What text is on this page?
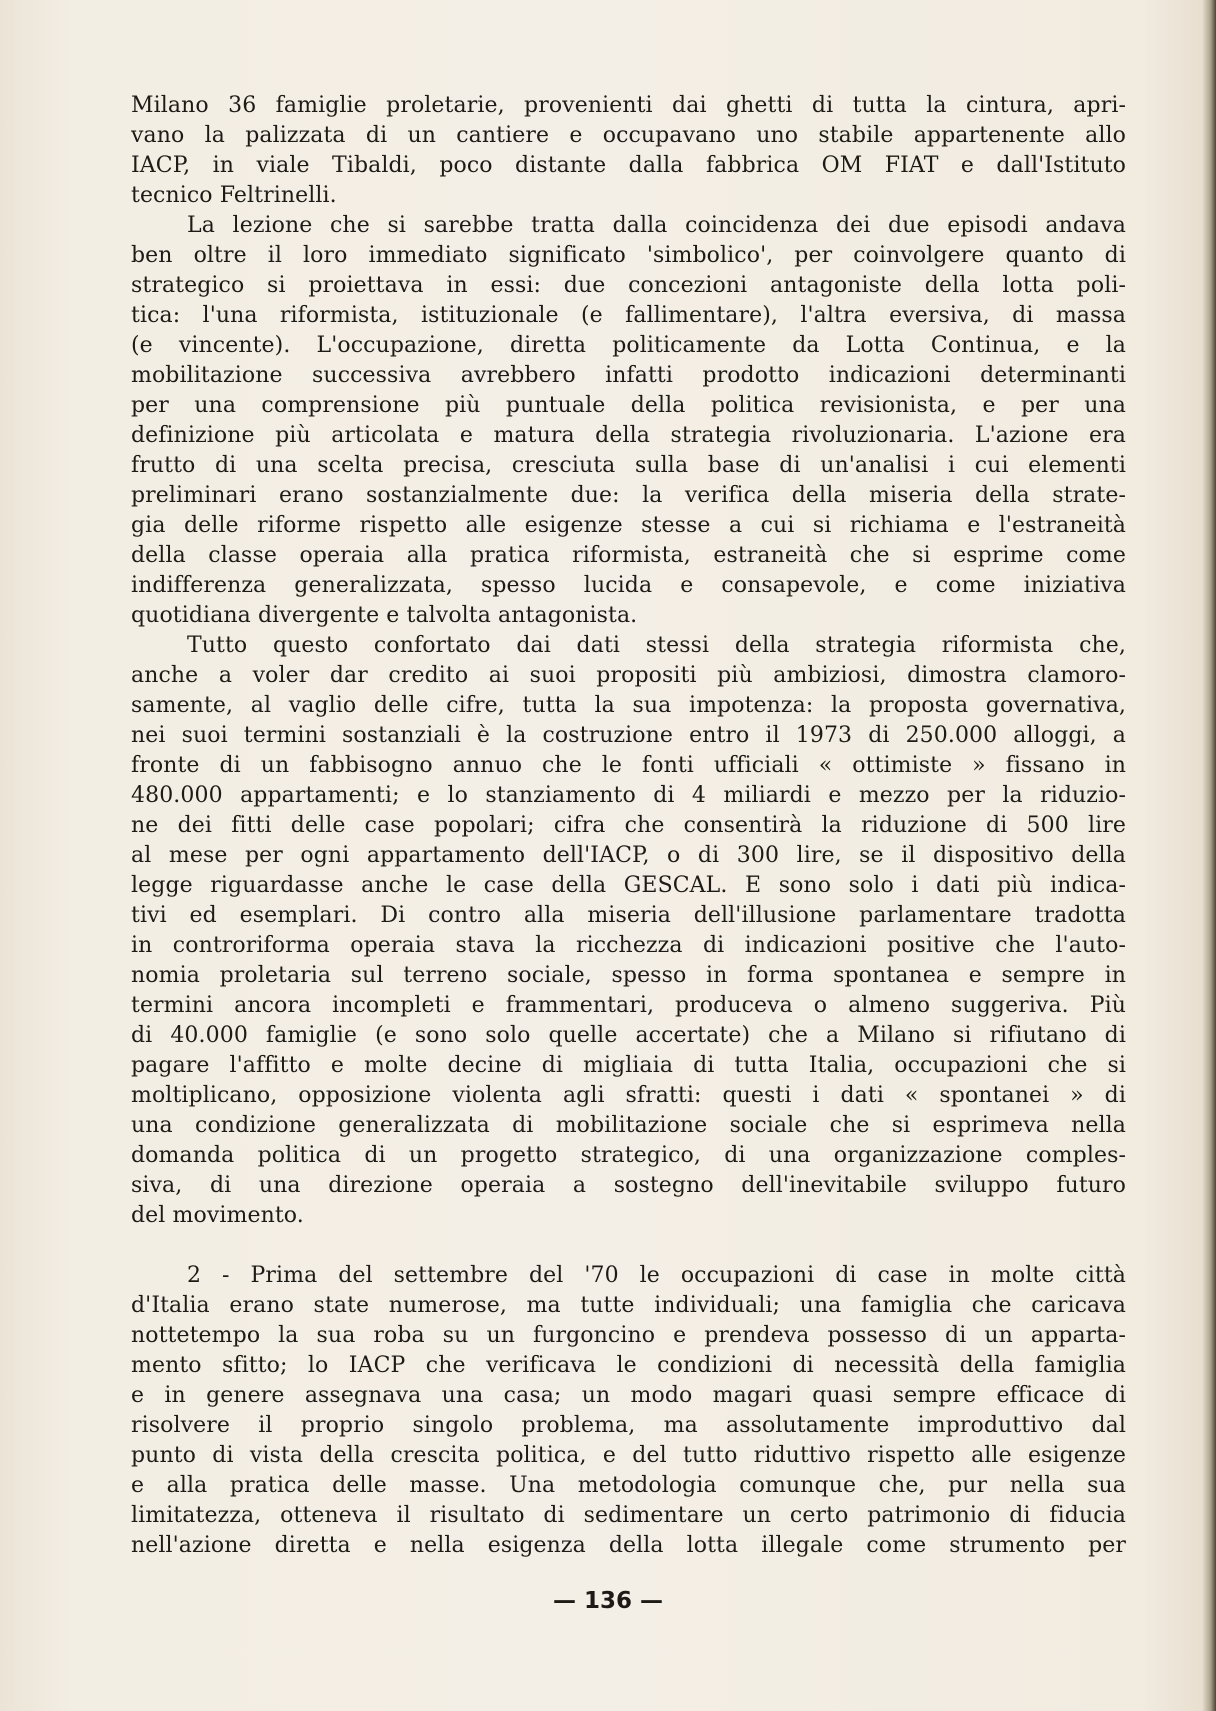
Milano 36 famiglie proletarie, provenienti dai ghetti di tutta la cintura, apri-
vano la palizzata di un cantiere e occupavano uno stabile appartenente allo
IACP, in viale Tibaldi, poco distante dalla fabbrica OM FIAT e dall'Istituto
tecnico Feltrinelli.
La lezione che si sarebbe tratta dalla coincidenza dei due episodi andava
ben oltre il loro immediato significato 'simbolico', per coinvolgere quanto di
strategico si proiettava in essi: due concezioni antagoniste della lotta poli-
tica: l'una riformista, istituzionale (e fallimentare), l'altra eversiva, di massa
(e vincente). L'occupazione, diretta politicamente da Lotta Continua, e la
mobilitazione successiva avrebbero infatti prodotto indicazioni determinanti
per una comprensione più puntuale della politica revisionista, e per una
definizione più articolata e matura della strategia rivoluzionaria. L'azione era
frutto di una scelta precisa, cresciuta sulla base di un'analisi i cui elementi
preliminari erano sostanzialmente due: la verifica della miseria della strate-
gia delle riforme rispetto alle esigenze stesse a cui si richiama e l'estraneità
della classe operaia alla pratica riformista, estraneità che si esprime come
indifferenza generalizzata, spesso lucida e consapevole, e come iniziativa
quotidiana divergente e talvolta antagonista.
Tutto questo confortato dai dati stessi della strategia riformista che,
anche a voler dar credito ai suoi propositi più ambiziosi, dimostra clamoro-
samente, al vaglio delle cifre, tutta la sua impotenza: la proposta governativa,
nei suoi termini sostanziali è la costruzione entro il 1973 di 250.000 alloggi, a
fronte di un fabbisogno annuo che le fonti ufficiali « ottimiste » fissano in
480.000 appartamenti; e lo stanziamento di 4 miliardi e mezzo per la riduzio-
ne dei fitti delle case popolari; cifra che consentirà la riduzione di 500 lire
al mese per ogni appartamento dell'IACP, o di 300 lire, se il dispositivo della
legge riguardasse anche le case della GESCAL. E sono solo i dati più indica-
tivi ed esemplari. Di contro alla miseria dell'illusione parlamentare tradotta
in controriforma operaia stava la ricchezza di indicazioni positive che l'auto-
nomia proletaria sul terreno sociale, spesso in forma spontanea e sempre in
termini ancora incompleti e frammentari, produceva o almeno suggeriva. Più
di 40.000 famiglie (e sono solo quelle accertate) che a Milano si rifiutano di
pagare l'affitto e molte decine di migliaia di tutta Italia, occupazioni che si
moltiplicano, opposizione violenta agli sfratti: questi i dati « spontanei » di
una condizione generalizzata di mobilitazione sociale che si esprimeva nella
domanda politica di un progetto strategico, di una organizzazione comples-
siva, di una direzione operaia a sostegno dell'inevitabile sviluppo futuro
del movimento.
2 - Prima del settembre del '70 le occupazioni di case in molte città
d'Italia erano state numerose, ma tutte individuali; una famiglia che caricava
nottetempo la sua roba su un furgoncino e prendeva possesso di un apparta-
mento sfitto; lo IACP che verificava le condizioni di necessità della famiglia
e in genere assegnava una casa; un modo magari quasi sempre efficace di
risolvere il proprio singolo problema, ma assolutamente improduttivo dal
punto di vista della crescita politica, e del tutto riduttivo rispetto alle esigenze
e alla pratica delle masse. Una metodologia comunque che, pur nella sua
limitatezza, otteneva il risultato di sedimentare un certo patrimonio di fiducia
nell'azione diretta e nella esigenza della lotta illegale come strumento per
— 136 —
